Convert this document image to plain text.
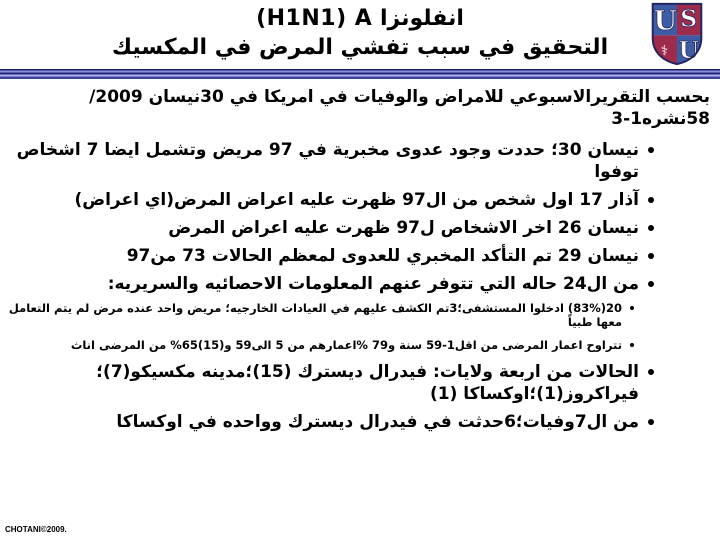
(H1N1) A انفلونزا
التحقيق في سبب تفشي المرض في المكسيك
U S
U
⚕

بحسب التقريرالاسبوعي للامراض والوفيات في امريكا في 30نيسان 2009/ 58نشره1-3

نيسان 30؛ حددت وجود عدوى مخبرية في 97 مريض وتشمل ايضا 7 اشخاص توفوا
آذار 17 اول شخص من ال97 ظهرت عليه اعراض المرض(اي اعراض)
نيسان 26 اخر الاشخاص ل97 ظهرت عليه اعراض المرض
نيسان 29 تم التأكد المخبري للعدوى لمعظم الحالات 73 من97
من ال24 حاله التي تتوفر عنهم المعلومات الاحصائيه والسريريه:
20(83%) ادخلوا المستشفى؛3تم الكشف عليهم في العيادات الخارجيه؛ مريض واحد عنده مرض لم يتم التعامل معها طبياً
تتراوح اعمار المرضى من اقل1-59 سنة و79 %اعمارهم من 5 الى59 و(15)65% من المرضى اناث
الحالات من اربعة ولايات: فيدرال ديسترك (15)؛مدينه مكسيكو(7)؛فيراكروز(1)؛اوكساكا (1)
من ال7وفيات؛6حدثت في فيدرال ديسترك وواحده في اوكساكا
CHOTANI©2009.
